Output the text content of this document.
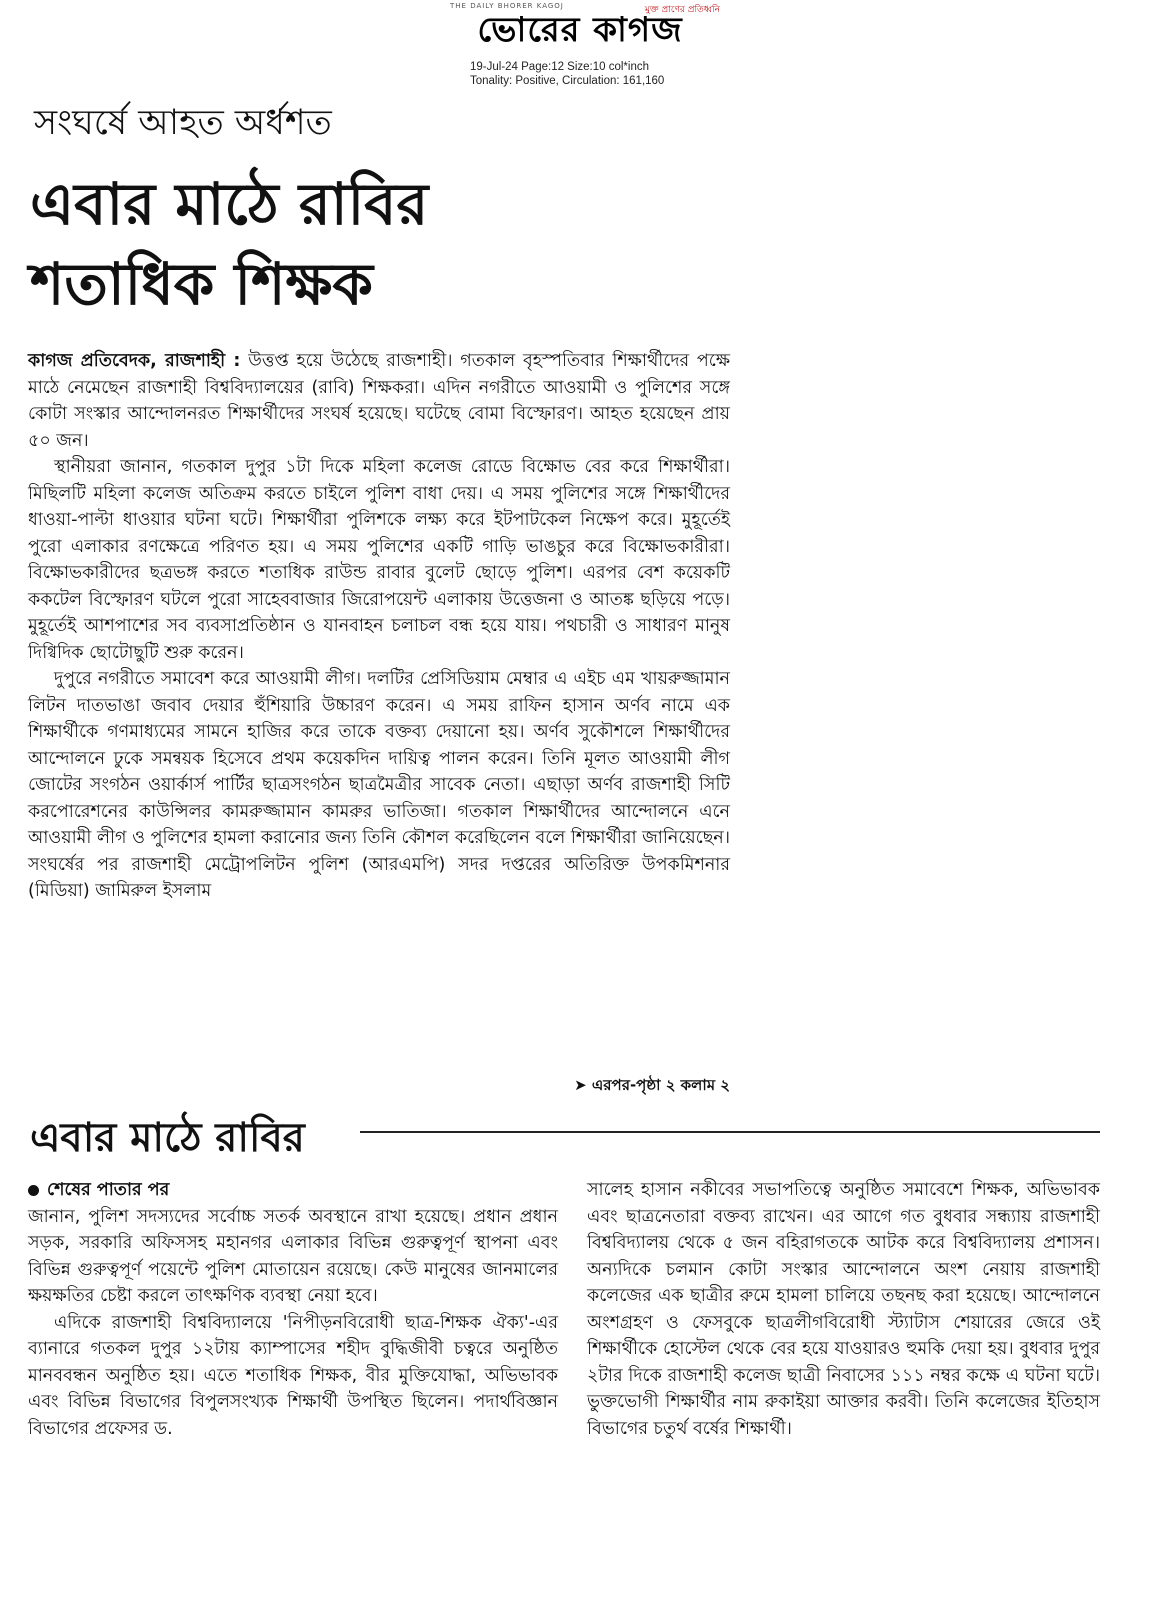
THE DAILY BHORER KAGOJ	মুক্ত প্রাণের প্রতিধ্বনি
ভোরের কাগজ
19-Jul-24 Page:12 Size:10 col*inch
Tonality: Positive, Circulation: 161,160
সংঘর্ষে আহত অর্ধশত
এবার মাঠে রাবির
শতাধিক শিক্ষক

কাগজ প্রতিবেদক, রাজশাহী : উত্তপ্ত হয়ে উঠেছে রাজশাহী। গতকাল বৃহস্পতিবার শিক্ষার্থীদের পক্ষে মাঠে নেমেছেন রাজশাহী বিশ্ববিদ্যালয়ের (রাবি) শিক্ষকরা। এদিন নগরীতে আওয়ামী ও পুলিশের সঙ্গে কোটা সংস্কার আন্দোলনরত শিক্ষার্থীদের সংঘর্ষ হয়েছে। ঘটেছে বোমা বিস্ফোরণ। আহত হয়েছেন প্রায় ৫০ জন।

স্থানীয়রা জানান, গতকাল দুপুর ১টা দিকে মহিলা কলেজ রোডে বিক্ষোভ বের করে শিক্ষার্থীরা। মিছিলটি মহিলা কলেজ অতিক্রম করতে চাইলে পুলিশ বাধা দেয়। এ সময় পুলিশের সঙ্গে শিক্ষার্থীদের ধাওয়া-পাল্টা ধাওয়ার ঘটনা ঘটে। শিক্ষার্থীরা পুলিশকে লক্ষ্য করে ইটপাটকেল নিক্ষেপ করে। মুহূর্তেই পুরো এলাকার রণক্ষেত্রে পরিণত হয়। এ সময় পুলিশের একটি গাড়ি ভাঙচুর করে বিক্ষোভকারীরা। বিক্ষোভকারীদের ছত্রভঙ্গ করতে শতাধিক রাউন্ড রাবার বুলেট ছোড়ে পুলিশ। এরপর বেশ কয়েকটি ককটেল বিস্ফোরণ ঘটলে পুরো সাহেববাজার জিরোপয়েন্ট এলাকায় উত্তেজনা ও আতঙ্ক ছড়িয়ে পড়ে। মুহূর্তেই আশপাশের সব ব্যবসাপ্রতিষ্ঠান ও যানবাহন চলাচল বন্ধ হয়ে যায়। পথচারী ও সাধারণ মানুষ দিগ্বিদিক ছোটোছুটি শুরু করেন।

দুপুরে নগরীতে সমাবেশ করে আওয়ামী লীগ। দলটির প্রেসিডিয়াম মেম্বার এ এইচ এম খায়রুজ্জামান লিটন দাতভাঙা জবাব দেয়ার হুঁশিয়ারি উচ্চারণ করেন। এ সময় রাফিন হাসান অর্ণব নামে এক শিক্ষার্থীকে গণমাধ্যমের সামনে হাজির করে তাকে বক্তব্য দেয়ানো হয়। অর্ণব সুকৌশলে শিক্ষার্থীদের আন্দোলনে ঢুকে সমন্বয়ক হিসেবে প্রথম কয়েকদিন দায়িত্ব পালন করেন। তিনি মূলত আওয়ামী লীগ জোটের সংগঠন ওয়ার্কার্স পার্টির ছাত্রসংগঠন ছাত্রমৈত্রীর সাবেক নেতা। এছাড়া অর্ণব রাজশাহী সিটি করপোরেশনের কাউন্সিলর কামরুজ্জামান কামরুর ভাতিজা। গতকাল শিক্ষার্থীদের আন্দোলনে এনে আওয়ামী লীগ ও পুলিশের হামলা করানোর জন্য তিনি কৌশল করেছিলেন বলে শিক্ষার্থীরা জানিয়েছেন। সংঘর্ষের পর রাজশাহী মেট্রোপলিটন পুলিশ (আরএমপি) সদর দপ্তরের অতিরিক্ত উপকমিশনার (মিডিয়া) জামিরুল ইসলাম

➤ এরপর-পৃষ্ঠা ২ কলাম ২
এবার মাঠে রাবির
শেষের পাতার পর

জানান, পুলিশ সদস্যদের সর্বোচ্চ সতর্ক অবস্থানে রাখা হয়েছে। প্রধান প্রধান সড়ক, সরকারি অফিসসহ মহানগর এলাকার বিভিন্ন গুরুত্বপূর্ণ স্থাপনা এবং বিভিন্ন গুরুত্বপূর্ণ পয়েন্টে পুলিশ মোতায়েন রয়েছে। কেউ মানুষের জানমালের ক্ষয়ক্ষতির চেষ্টা করলে তাৎক্ষণিক ব্যবস্থা নেয়া হবে।

এদিকে রাজশাহী বিশ্ববিদ্যালয়ে 'নিপীড়নবিরোধী ছাত্র-শিক্ষক ঐক্য'-এর ব্যানারে গতকল দুপুর ১২টায় ক্যাম্পাসের শহীদ বুদ্ধিজীবী চত্বরে অনুষ্ঠিত মানববন্ধন অনুষ্ঠিত হয়। এতে শতাধিক শিক্ষক, বীর মুক্তিযোদ্ধা, অভিভাবক এবং বিভিন্ন বিভাগের বিপুলসংখ্যক শিক্ষার্থী উপস্থিত ছিলেন। পদার্থবিজ্ঞান বিভাগের প্রফেসর ড.

সালেহ হাসান নকীবের সভাপতিত্বে অনুষ্ঠিত সমাবেশে শিক্ষক, অভিভাবক এবং ছাত্রনেতারা বক্তব্য রাখেন। এর আগে গত বুধবার সন্ধ্যায় রাজশাহী বিশ্ববিদ্যালয় থেকে ৫ জন বহিরাগতকে আটক করে বিশ্ববিদ্যালয় প্রশাসন। অন্যদিকে চলমান কোটা সংস্কার আন্দোলনে অংশ নেয়ায় রাজশাহী কলেজের এক ছাত্রীর রুমে হামলা চালিয়ে তছনছ করা হয়েছে। আন্দোলনে অংশগ্রহণ ও ফেসবুকে ছাত্রলীগবিরোধী স্ট্যাটাস শেয়ারের জেরে ওই শিক্ষার্থীকে হোস্টেল থেকে বের হয়ে যাওয়ারও হুমকি দেয়া হয়। বুধবার দুপুর ২টার দিকে রাজশাহী কলেজ ছাত্রী নিবাসের ১১১ নম্বর কক্ষে এ ঘটনা ঘটে। ভুক্তভোগী শিক্ষার্থীর নাম রুকাইয়া আক্তার করবী। তিনি কলেজের ইতিহাস বিভাগের চতুর্থ বর্ষের শিক্ষার্থী।
